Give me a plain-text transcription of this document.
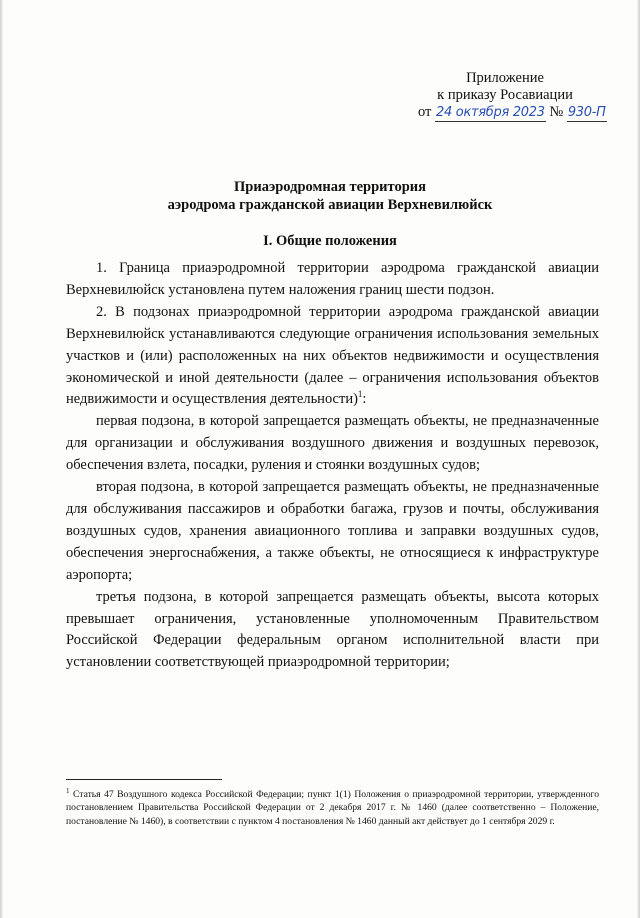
Приложение
к приказу Росавиации
от 24 октября 2023 № 930-П
Приаэродромная территория
аэродрома гражданской авиации Верхневилюйск
I. Общие положения

1. Граница приаэродромной территории аэродрома гражданской авиации Верхневилюйск установлена путем наложения границ шести подзон.

2. В подзонах приаэродромной территории аэродрома гражданской авиации Верхневилюйск устанавливаются следующие ограничения использования земельных участков и (или) расположенных на них объектов недвижимости и осуществления экономической и иной деятельности (далее – ограничения использования объектов недвижимости и осуществления деятельности)$^1$:

первая подзона, в которой запрещается размещать объекты, не предназначенные для организации и обслуживания воздушного движения и воздушных перевозок, обеспечения взлета, посадки, руления и стоянки воздушных судов;

вторая подзона, в которой запрещается размещать объекты, не предназначенные для обслуживания пассажиров и обработки багажа, грузов и почты, обслуживания воздушных судов, хранения авиационного топлива и заправки воздушных судов, обеспечения энергоснабжения, а также объекты, не относящиеся к инфраструктуре аэропорта;

третья подзона, в которой запрещается размещать объекты, высота которых превышает ограничения, установленные уполномоченным Правительством Российской Федерации федеральным органом исполнительной власти при установлении соответствующей приаэродромной территории;

$^1$ Статья 47 Воздушного кодекса Российской Федерации; пункт 1(1) Положения о приаэродромной территории, утвержденного постановлением Правительства Российской Федерации от 2 декабря 2017 г. № 1460 (далее соответственно – Положение, постановление № 1460), в соответствии с пунктом 4 постановления № 1460 данный акт действует до 1 сентября 2029 г.
